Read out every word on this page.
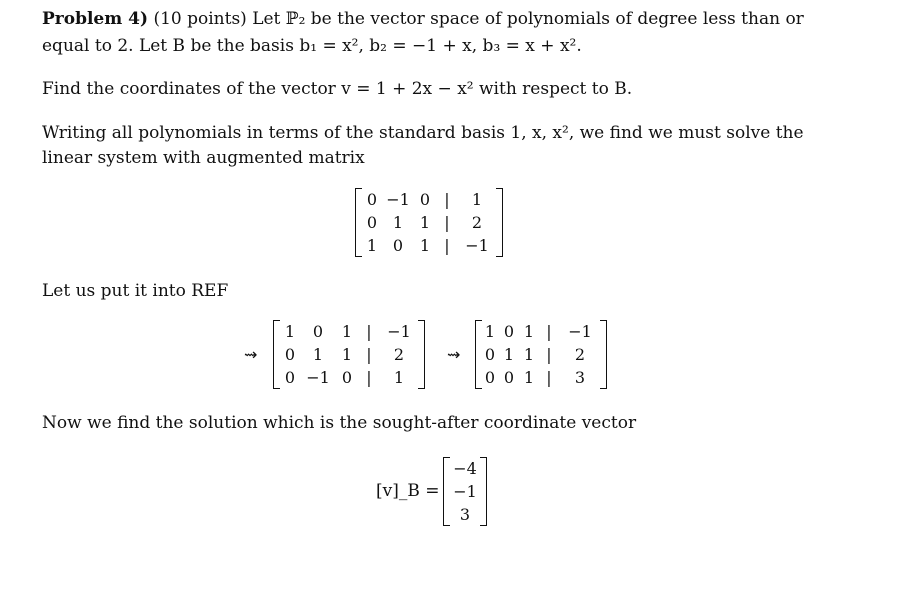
Problem 4) (10 points) Let ℙ₂ be the vector space of polynomials of degree less than or
equal to 2. Let B be the basis b₁ = x², b₂ = −1 + x, b₃ = x + x².
Find the coordinates of the vector v = 1 + 2x − x² with respect to B.
Writing all polynomials in terms of the standard basis 1, x, x², we find we must solve the
linear system with augmented matrix
0 −1 0 |	1
0 1	1 |	2
1 0	1 | −1
Let us put it into REF
⇝
1	0	1 | −1
0	1	1 |	2
0 −1 0 |	1
⇝
1 0 1 |	−1
0 1 1 |	2
0 0 1 |	3
Now we find the solution which is the sought-after coordinate vector
[v]_B =
−4
−1
3
